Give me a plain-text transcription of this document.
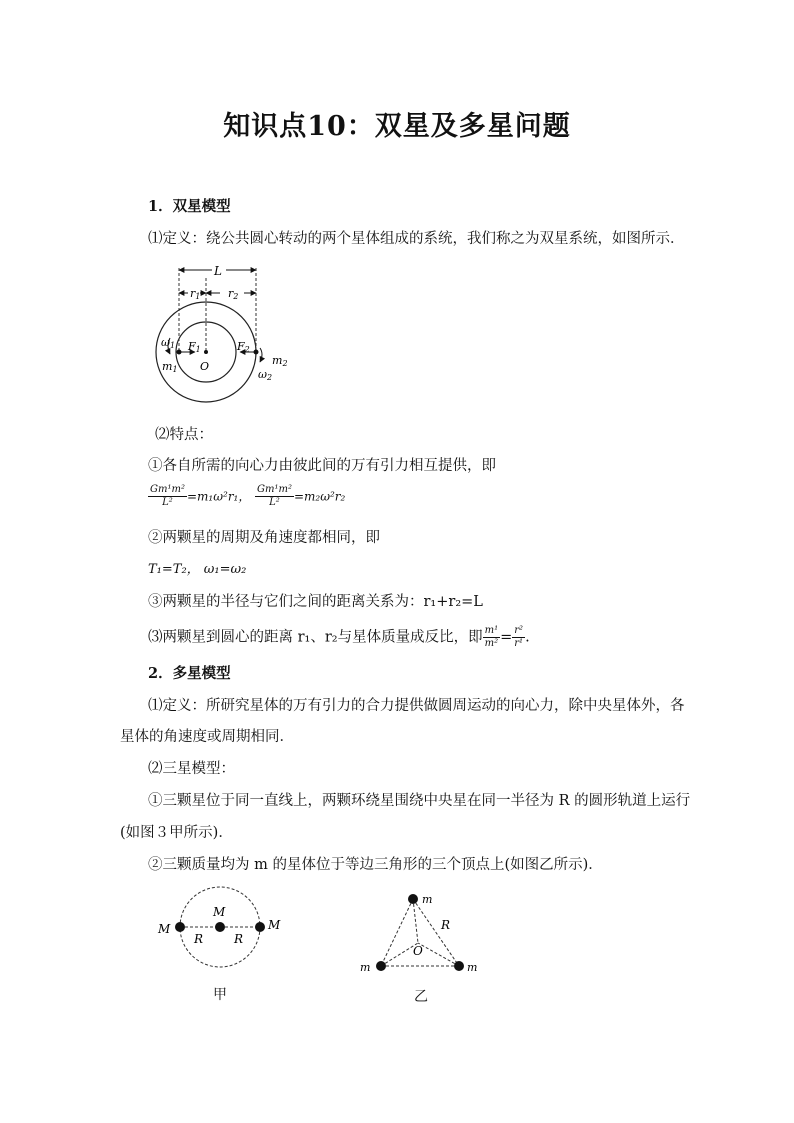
知识点10：双星及多星问题
1．双星模型
⑴定义：绕公共圆心转动的两个星体组成的系统，我们称之为双星系统，如图所示．
L
r1	r2
ω1
m1
F1
O
F2
m2
ω2
⑵特点：
①各自所需的向心力由彼此间的万有引力相互提供，即
$\frac{\text{Gm¹m²}}{\text{L²}} =m_1\omega^2r_1$， $\frac{\text{Gm¹m²}}{\text{L²}} =m_2\omega^2r_2$
②两颗星的周期及角速度都相同，即
T₁=T₂， ω₁=ω₂
③两颗星的半径与它们之间的距离关系为：r₁+r₂=L
⑶两颗星到圆心的距离 r₁、r₂与星体质量成反比，即 $\frac{\text{m¹}}{\text{m²}} = \frac{\text{r²}}{\text{r¹}}$ .
2．多星模型
⑴定义：所研究星体的万有引力的合力提供做圆周运动的向心力，除中央星体外，各
星体的角速度或周期相同．
⑵三星模型：
①三颗星位于同一直线上，两颗环绕星围绕中央星在同一半径为 R 的圆形轨道上运行
(如图３甲所示)．
②三颗质量均为 m 的星体位于等边三角形的三个顶点上(如图乙所示)．
M
M
M
R	R
甲
m
m	m
R
O
乙
